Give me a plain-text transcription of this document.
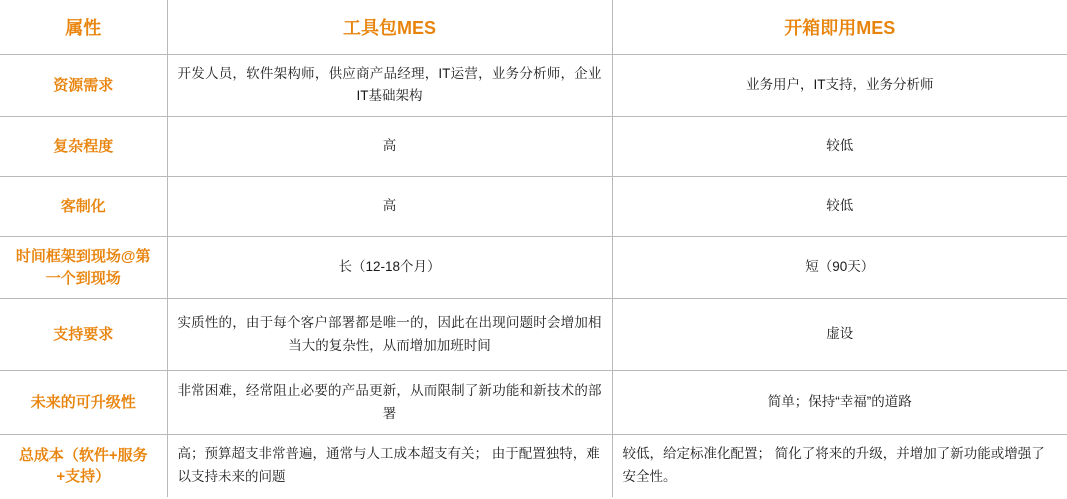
属性	工具包MES	开箱即用MES
资源需求	开发人员，软件架构师，供应商产品经理，IT运营，业务分析师，企业IT基础架构	业务用户，IT支持，业务分析师
复杂程度	高	较低
客制化	高	较低
时间框架到现场@第一个到现场	长（12-18个月）	短（90天）
支持要求	实质性的，由于每个客户部署都是唯一的，因此在出现问题时会增加相当大的复杂性，从而增加加班时间	虚设
未来的可升级性	非常困难，经常阻止必要的产品更新，从而限制了新功能和新技术的部署	简单；保持“幸福”的道路
总成本（软件+服务+支持）	高；预算超支非常普遍，通常与人工成本超支有关； 由于配置独特，难以支持未来的问题	较低，给定标准化配置； 简化了将来的升级，并增加了新功能或增强了安全性。
